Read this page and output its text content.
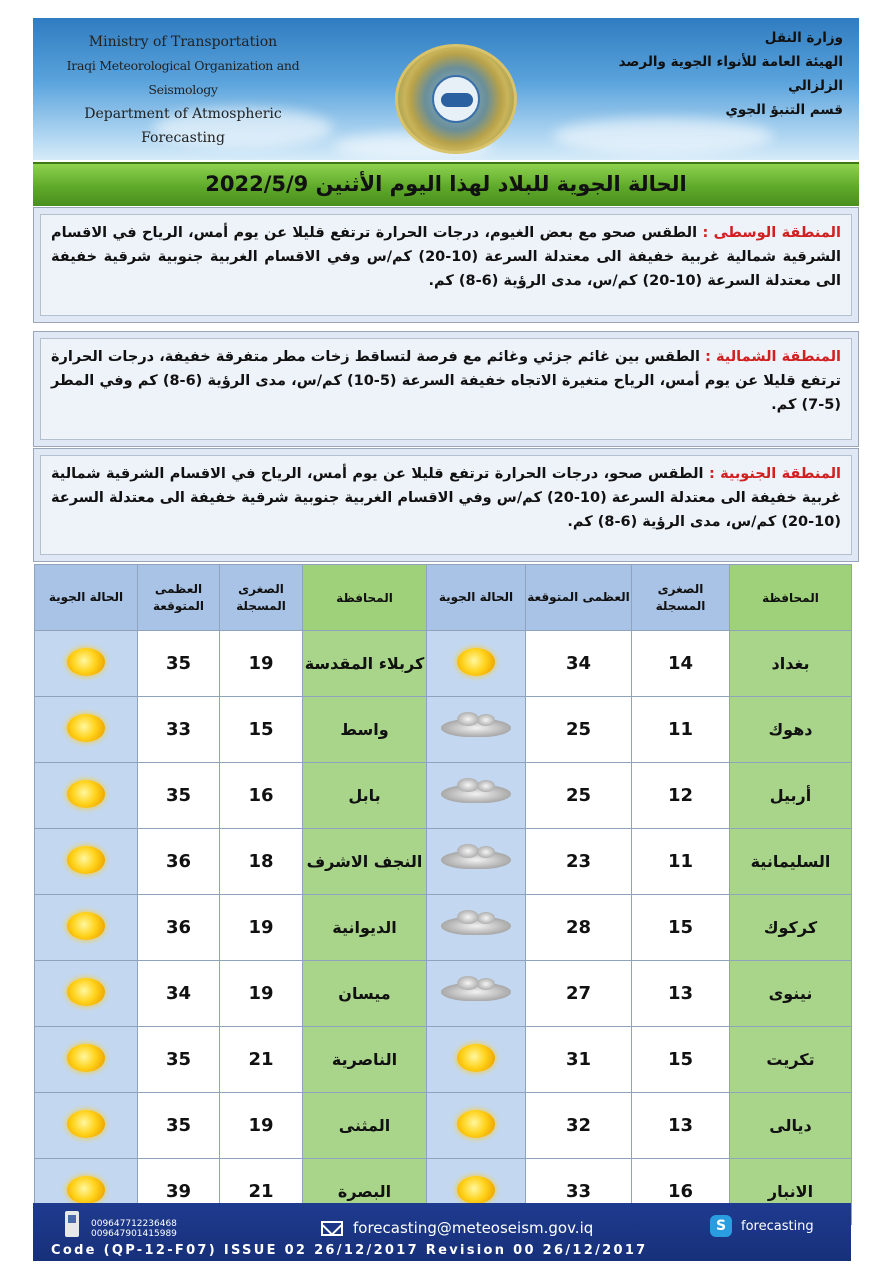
Ministry of Transportation
Iraqi Meteorological Organization and Seismology
Department of Atmospheric Forecasting
وزارة النقل
الهيئة العامة للأنواء الجوية والرصد الزلزالي
قسم التنبؤ الجوي
الحالة الجوية للبلاد لهذا اليوم الأثنين 2022/5/9
المنطقة الوسطى : الطقس صحو مع بعض الغيوم، درجات الحرارة ترتفع قليلا عن يوم أمس، الرياح في الاقسام الشرقية شمالية غربية خفيفة الى معتدلة السرعة (10-20) كم/س وفي الاقسام الغربية جنوبية شرقية خفيفة الى معتدلة السرعة (10-20) كم/س، مدى الرؤية (6-8) كم.
المنطقة الشمالية : الطقس بين غائم جزئي وغائم مع فرصة لتساقط زخات مطر متفرقة خفيفة، درجات الحرارة ترتفع قليلا عن يوم أمس، الرياح متغيرة الاتجاه خفيفة السرعة (5-10) كم/س، مدى الرؤية (6-8) كم وفي المطر (5-7) كم.
المنطقة الجنوبية : الطقس صحو، درجات الحرارة ترتفع قليلا عن يوم أمس، الرياح في الاقسام الشرقية شمالية غربية خفيفة الى معتدلة السرعة (10-20) كم/س وفي الاقسام الغربية جنوبية شرقية خفيفة الى معتدلة السرعة (10-20) كم/س، مدى الرؤية (6-8) كم.
المحافظة	الصغرى المسجلة	العظمى المتوقعة	الحالة الجوية	المحافظة	الصغرى المسجلة	العظمى المتوقعة	الحالة الجوية
بغداد	14	34		كربلاء المقدسة	19	35	
دهوك	11	25		واسط	15	33	
أربيل	12	25		بابل	16	35	
السليمانية	11	23		النجف الاشرف	18	36	
كركوك	15	28		الديوانية	19	36	
نينوى	13	27		ميسان	19	34	
تكريت	15	31		الناصرية	21	35	
ديالى	13	32		المثنى	19	35	
الانبار	16	33		البصرة	21	39	
009647712236468
009647901415989	forecasting@meteoseism.gov.iq	S	forecasting
Code (QP-12-F07) ISSUE 02 26/12/2017 Revision 00 26/12/2017
